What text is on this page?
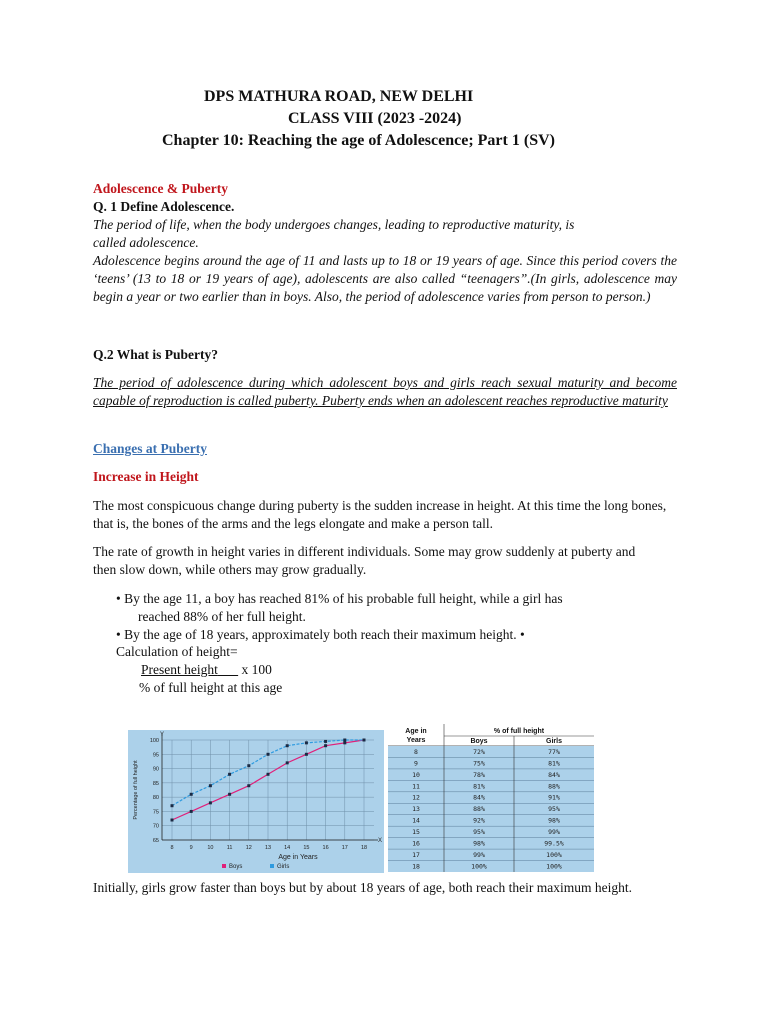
DPS MATHURA ROAD, NEW DELHI
CLASS VIII (2023 -2024)
Chapter 10: Reaching the age of Adolescence; Part 1 (SV)
Adolescence & Puberty
Q. 1 Define Adolescence.
The period of life, when the body undergoes changes, leading to reproductive maturity, is
called adolescence.
Adolescence begins around the age of 11 and lasts up to 18 or 19 years of age. Since this period covers the ‘teens’ (13 to 18 or 19 years of age), adolescents are also called “teenagers”.(In girls, adolescence may begin a year or two earlier than in boys. Also, the period of adolescence varies from person to person.)
Q.2 What is Puberty?
The period of adolescence during which adolescent boys and girls reach sexual maturity and become capable of reproduction is called puberty. Puberty ends when an adolescent reaches reproductive maturity
Changes at Puberty
Increase in Height
The most conspicuous change during puberty is the sudden increase in height. At this time the long bones, that is, the bones of the arms and the legs elongate and make a person tall.
The rate of growth in height varies in different individuals. Some may grow suddenly at puberty and then slow down, while others may grow gradually.
• By the age 11, a boy has reached 81% of his probable full height, while a girl has
reached 88% of her full height.
• By the age of 18 years, approximately both reach their maximum height. •
Calculation of height=
Present height x 100
% of full height at this age
65
70
75
80
85
90
95
100
8	9	10 11 12 13 14 15 16 17 18
Y
X
Percentage of full height
Age in Years
Boys	Girls
Age in
Years
% of full height
Boys	Girls
8	72%	77%
9	75%	81%
10	78%	84%
11	81%	88%
12	84%	91%
13	88%	95%
14	92%	98%
15	95%	99%
16	98%	99.5%
17	99%	100%
18	100%	100%
Initially, girls grow faster than boys but by about 18 years of age, both reach their maximum height.
